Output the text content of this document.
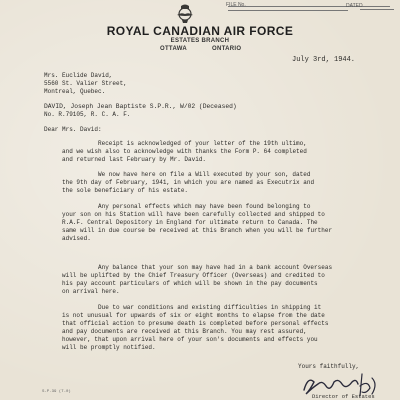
FILE No.	DATED
ROYAL CANADIAN AIR FORCE
ESTATES BRANCH
OTTAWA	ONTARIO
July 3rd, 1944.
Mrs. Euclide David,
5560 St. Valier Street,
Montreal, Quebec.
DAVID, Joseph Jean Baptiste S.P.R., W/02 (Deceased)
No. R.79105, R. C. A. F.
Dear Mrs. David:
Receipt is acknowledged of your letter of the 19th ultimo,
and we wish also to acknowledge with thanks the Form P. 64 completed
and returned last February by Mr. David.
We now have here on file a Will executed by your son, dated
the 9th day of February, 1941, in which you are named as Executrix and
the sole beneficiary of his estate.
Any personal effects which may have been found belonging to
your son on his Station will have been carefully collected and shipped to
R.A.F. Central Depository in England for ultimate return to Canada. The
same will in due course be received at this Branch when you will be further
advised.
Any balance that your son may have had in a bank account Overseas
will be uplifted by the Chief Treasury Officer (Overseas) and credited to
his pay account particulars of which will be shown in the pay documents
on arrival here.
Due to war conditions and existing difficulties in shipping it
is not unusual for upwards of six or eight months to elapse from the date
that official action to presume death is completed before personal effects
and pay documents are received at this Branch. You may rest assured,
however, that upon arrival here of your son's documents and effects you
will be promptly notified.
Yours faithfully,
Director of Estates
S-P.39 (T-0)
